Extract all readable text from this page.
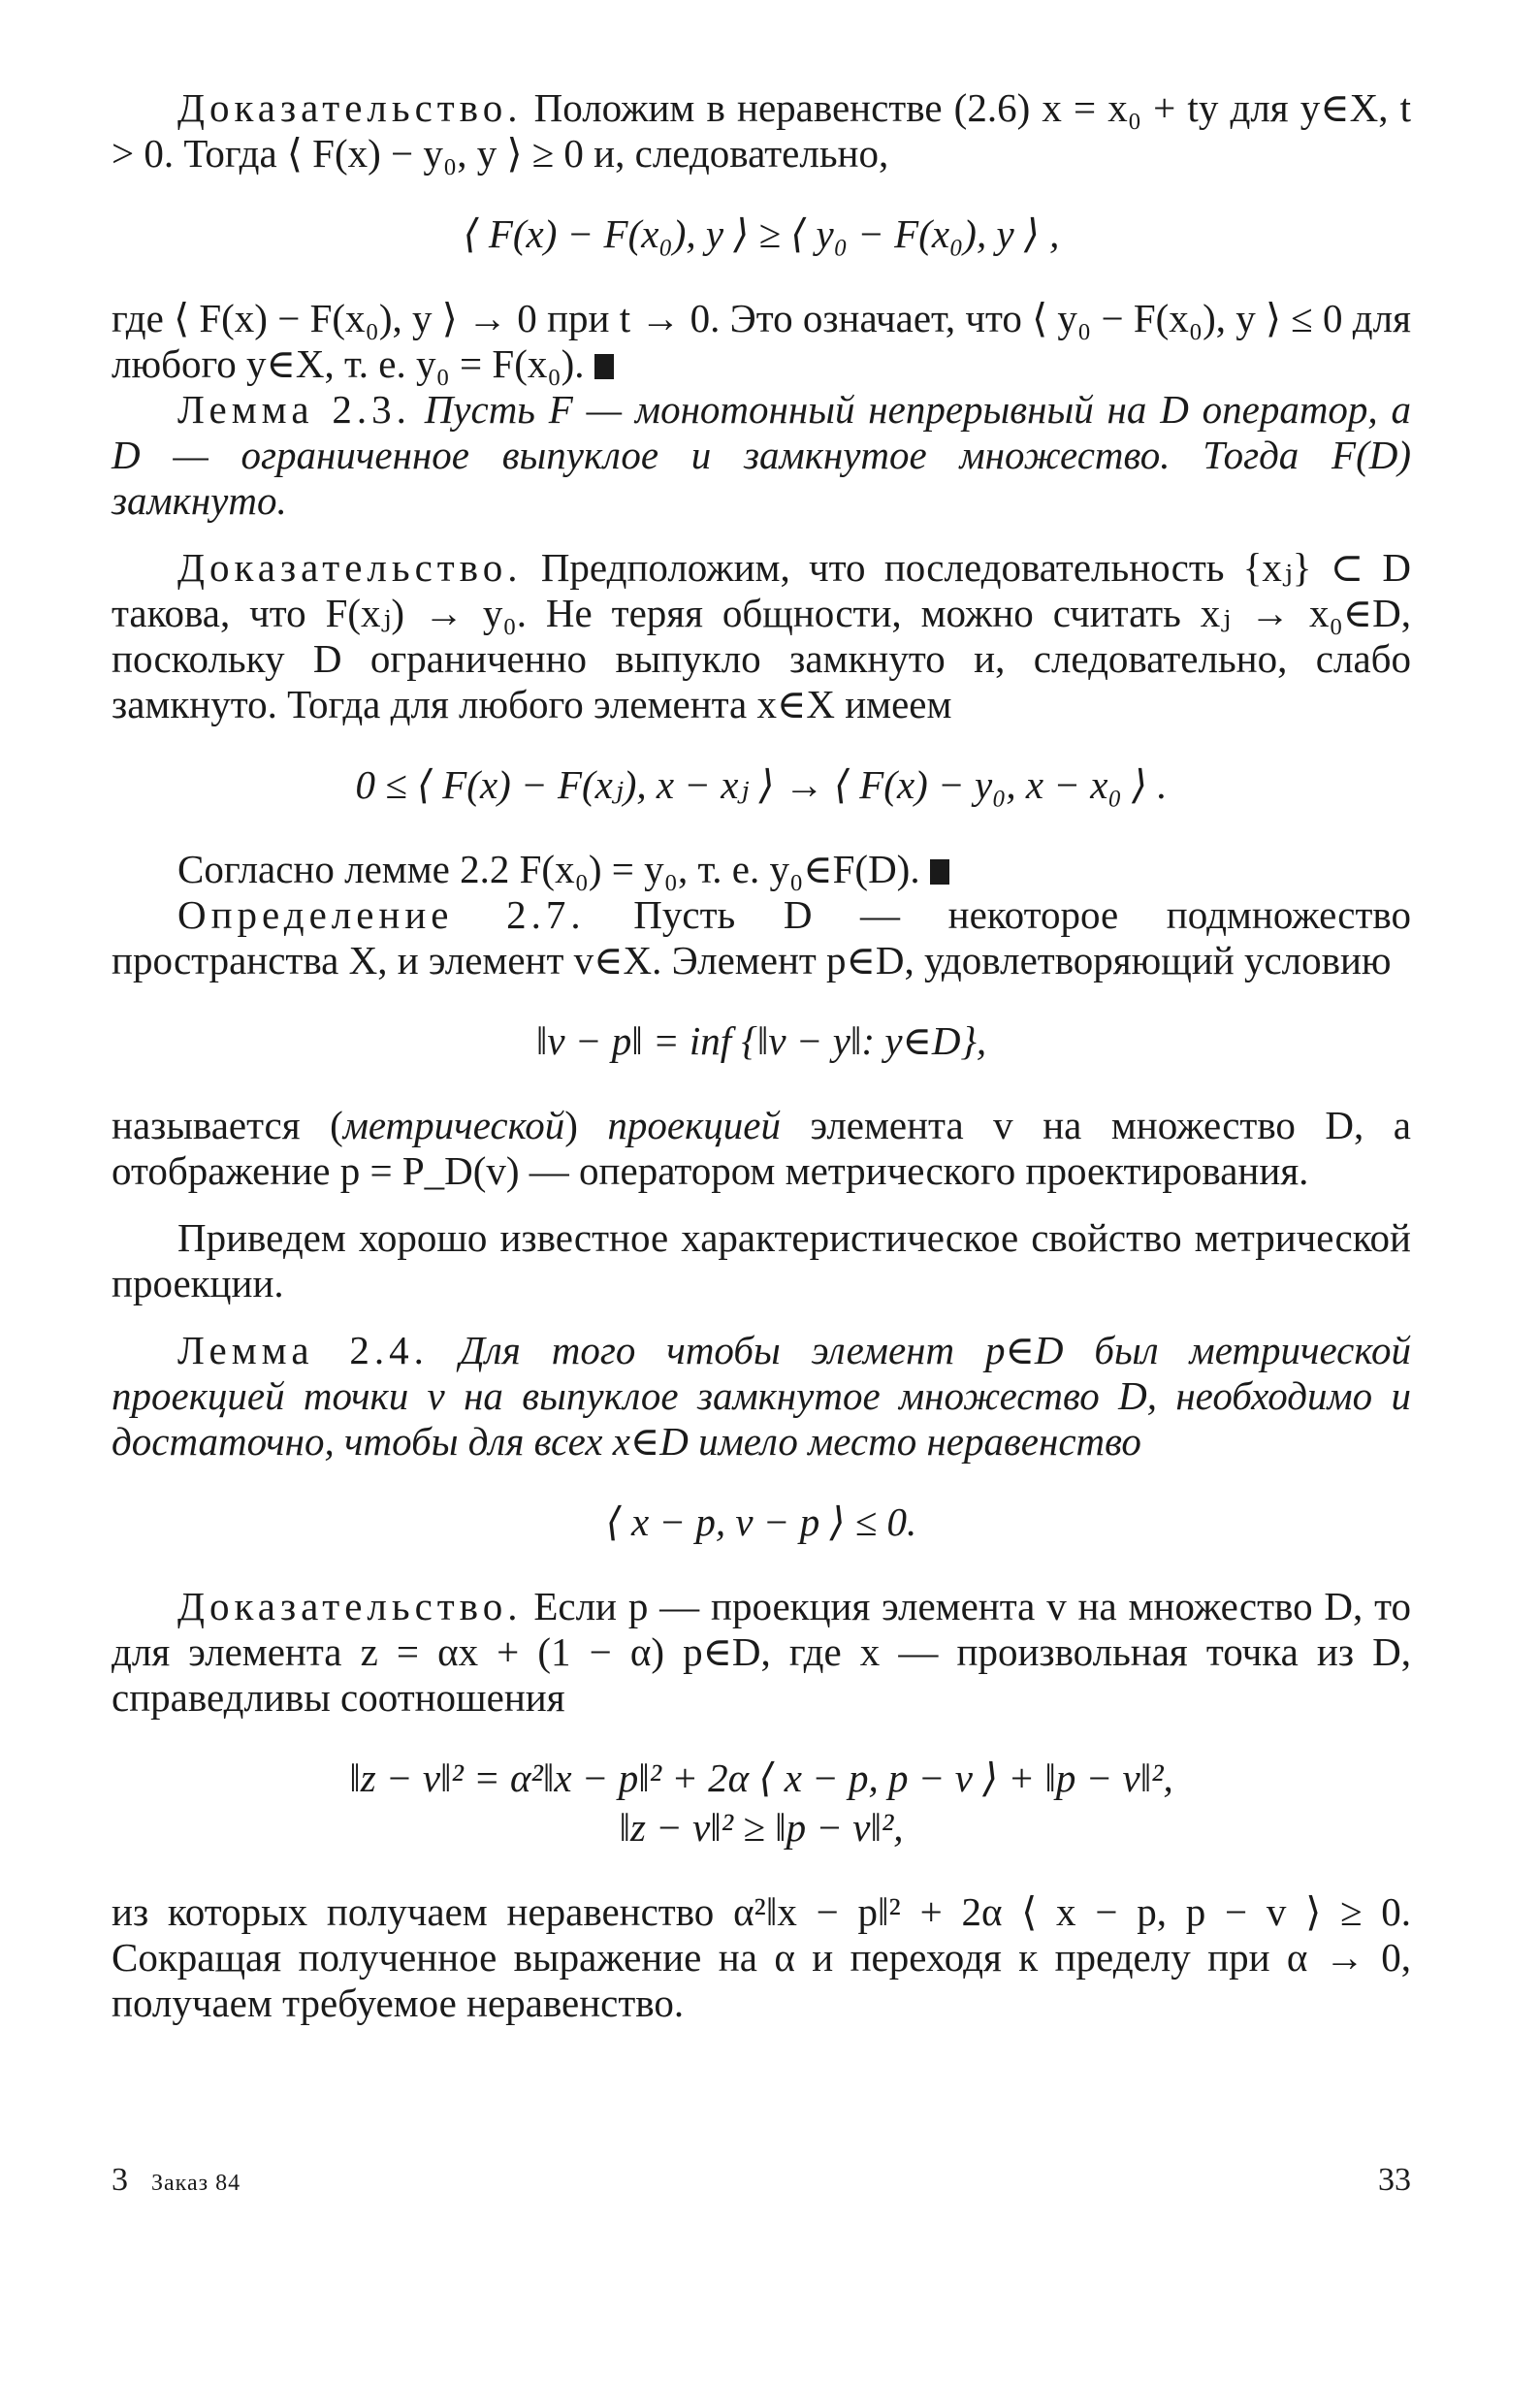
Доказательство. Положим в неравенстве (2.6) x = x₀ + ty для y∈X, t > 0. Тогда ⟨ F(x) − y₀, y ⟩ ≥ 0 и, следовательно,

⟨ F(x) − F(x₀), y ⟩ ≥ ⟨ y₀ − F(x₀), y ⟩ ,

где ⟨ F(x) − F(x₀), y ⟩ → 0 при t → 0. Это означает, что ⟨ y₀ − F(x₀), y ⟩ ≤ 0 для любого y∈X, т. е. y₀ = F(x₀).

Лемма 2.3. Пусть F — монотонный непрерывный на D оператор, а D — ограниченное выпуклое и замкнутое множество. Тогда F(D) замкнуто.

Доказательство. Предположим, что последовательность {xⱼ} ⊂ D такова, что F(xⱼ) → y₀. Не теряя общности, можно считать xⱼ → x₀∈D, поскольку D ограниченно выпукло замкнуто и, следовательно, слабо замкнуто. Тогда для любого элемента x∈X имеем

0 ≤ ⟨ F(x) − F(xⱼ), x − xⱼ ⟩ → ⟨ F(x) − y₀, x − x₀ ⟩ .

Согласно лемме 2.2 F(x₀) = y₀, т. е. y₀∈F(D).

Определение 2.7. Пусть D — некоторое подмножество пространства X, и элемент v∈X. Элемент p∈D, удовлетворяющий условию

‖v − p‖ = inf {‖v − y‖: y∈D},

называется (метрической) проекцией элемента v на множество D, а отображение p = P_D(v) — оператором метрического проектирования.

Приведем хорошо известное характеристическое свойство метрической проекции.

Лемма 2.4. Для того чтобы элемент p∈D был метрической проекцией точки v на выпуклое замкнутое множество D, необходимо и достаточно, чтобы для всех x∈D имело место неравенство

⟨ x − p, v − p ⟩ ≤ 0.

Доказательство. Если p — проекция элемента v на множество D, то для элемента z = αx + (1 − α) p∈D, где x — произвольная точка из D, справедливы соотношения

‖z − v‖² = α²‖x − p‖² + 2α ⟨ x − p, p − v ⟩ + ‖p − v‖²,
‖z − v‖² ≥ ‖p − v‖²,

из которых получаем неравенство α²‖x − p‖² + 2α ⟨ x − p, p − v ⟩ ≥ 0. Сокращая полученное выражение на α и переходя к пределу при α → 0, получаем требуемое неравенство.

3 Заказ 84	33
